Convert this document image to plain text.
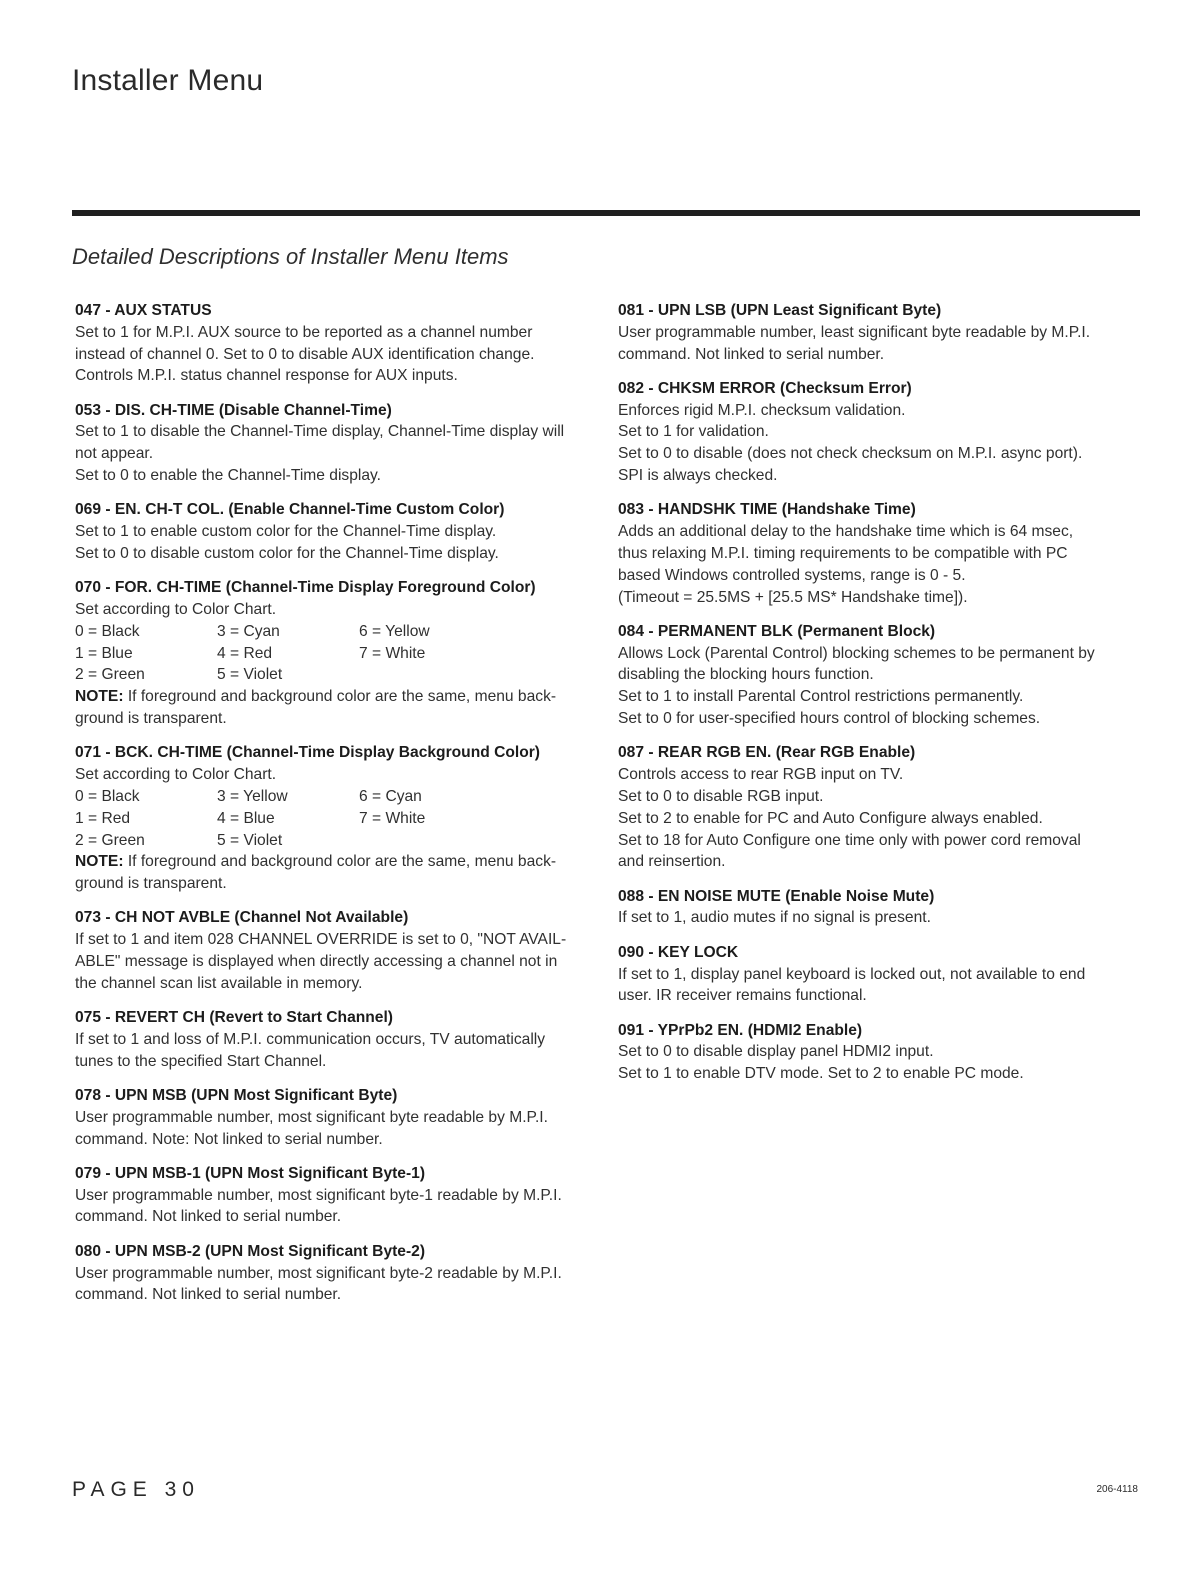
Installer Menu
Detailed Descriptions of Installer Menu Items
047 - AUX STATUS
Set to 1 for M.P.I. AUX source to be reported as a channel number
instead of channel 0. Set to 0 to disable AUX identification change.
Controls M.P.I. status channel response for AUX inputs.
053 - DIS. CH-TIME (Disable Channel-Time)
Set to 1 to disable the Channel-Time display, Channel-Time display will
not appear.
Set to 0 to enable the Channel-Time display.
069 - EN. CH-T COL. (Enable Channel-Time Custom Color)
Set to 1 to enable custom color for the Channel-Time display.
Set to 0 to disable custom color for the Channel-Time display.
070 - FOR. CH-TIME (Channel-Time Display Foreground Color)
Set according to Color Chart.
0 = Black	3 = Cyan	6 = Yellow
1 = Blue	4 = Red	7 = White
2 = Green	5 = Violet
NOTE: If foreground and background color are the same, menu back-
ground is transparent.
071 - BCK. CH-TIME (Channel-Time Display Background Color)
Set according to Color Chart.
0 = Black	3 = Yellow	6 = Cyan
1 = Red	4 = Blue	7 = White
2 = Green	5 = Violet
NOTE: If foreground and background color are the same, menu back-
ground is transparent.
073 - CH NOT AVBLE (Channel Not Available)
If set to 1 and item 028 CHANNEL OVERRIDE is set to 0, "NOT AVAIL-
ABLE" message is displayed when directly accessing a channel not in
the channel scan list available in memory.
075 - REVERT CH (Revert to Start Channel)
If set to 1 and loss of M.P.I. communication occurs, TV automatically
tunes to the specified Start Channel.
078 - UPN MSB (UPN Most Significant Byte)
User programmable number, most significant byte readable by M.P.I.
command. Note: Not linked to serial number.
079 - UPN MSB-1 (UPN Most Significant Byte-1)
User programmable number, most significant byte-1 readable by M.P.I.
command. Not linked to serial number.
080 - UPN MSB-2 (UPN Most Significant Byte-2)
User programmable number, most significant byte-2 readable by M.P.I.
command. Not linked to serial number.
081 - UPN LSB (UPN Least Significant Byte)
User programmable number, least significant byte readable by M.P.I.
command. Not linked to serial number.
082 - CHKSM ERROR (Checksum Error)
Enforces rigid M.P.I. checksum validation.
Set to 1 for validation.
Set to 0 to disable (does not check checksum on M.P.I. async port).
SPI is always checked.
083 - HANDSHK TIME (Handshake Time)
Adds an additional delay to the handshake time which is 64 msec,
thus relaxing M.P.I. timing requirements to be compatible with PC
based Windows controlled systems, range is 0 - 5.
(Timeout = 25.5MS + [25.5 MS* Handshake time]).
084 - PERMANENT BLK (Permanent Block)
Allows Lock (Parental Control) blocking schemes to be permanent by
disabling the blocking hours function.
Set to 1 to install Parental Control restrictions permanently.
Set to 0 for user-specified hours control of blocking schemes.
087 - REAR RGB EN. (Rear RGB Enable)
Controls access to rear RGB input on TV.
Set to 0 to disable RGB input.
Set to 2 to enable for PC and Auto Configure always enabled.
Set to 18 for Auto Configure one time only with power cord removal
and reinsertion.
088 - EN NOISE MUTE (Enable Noise Mute)
If set to 1, audio mutes if no signal is present.
090 - KEY LOCK
If set to 1, display panel keyboard is locked out, not available to end
user. IR receiver remains functional.
091 - YPrPb2 EN. (HDMI2 Enable)
Set to 0 to disable display panel HDMI2 input.
Set to 1 to enable DTV mode. Set to 2 to enable PC mode.
PAGE 30	206-4118
